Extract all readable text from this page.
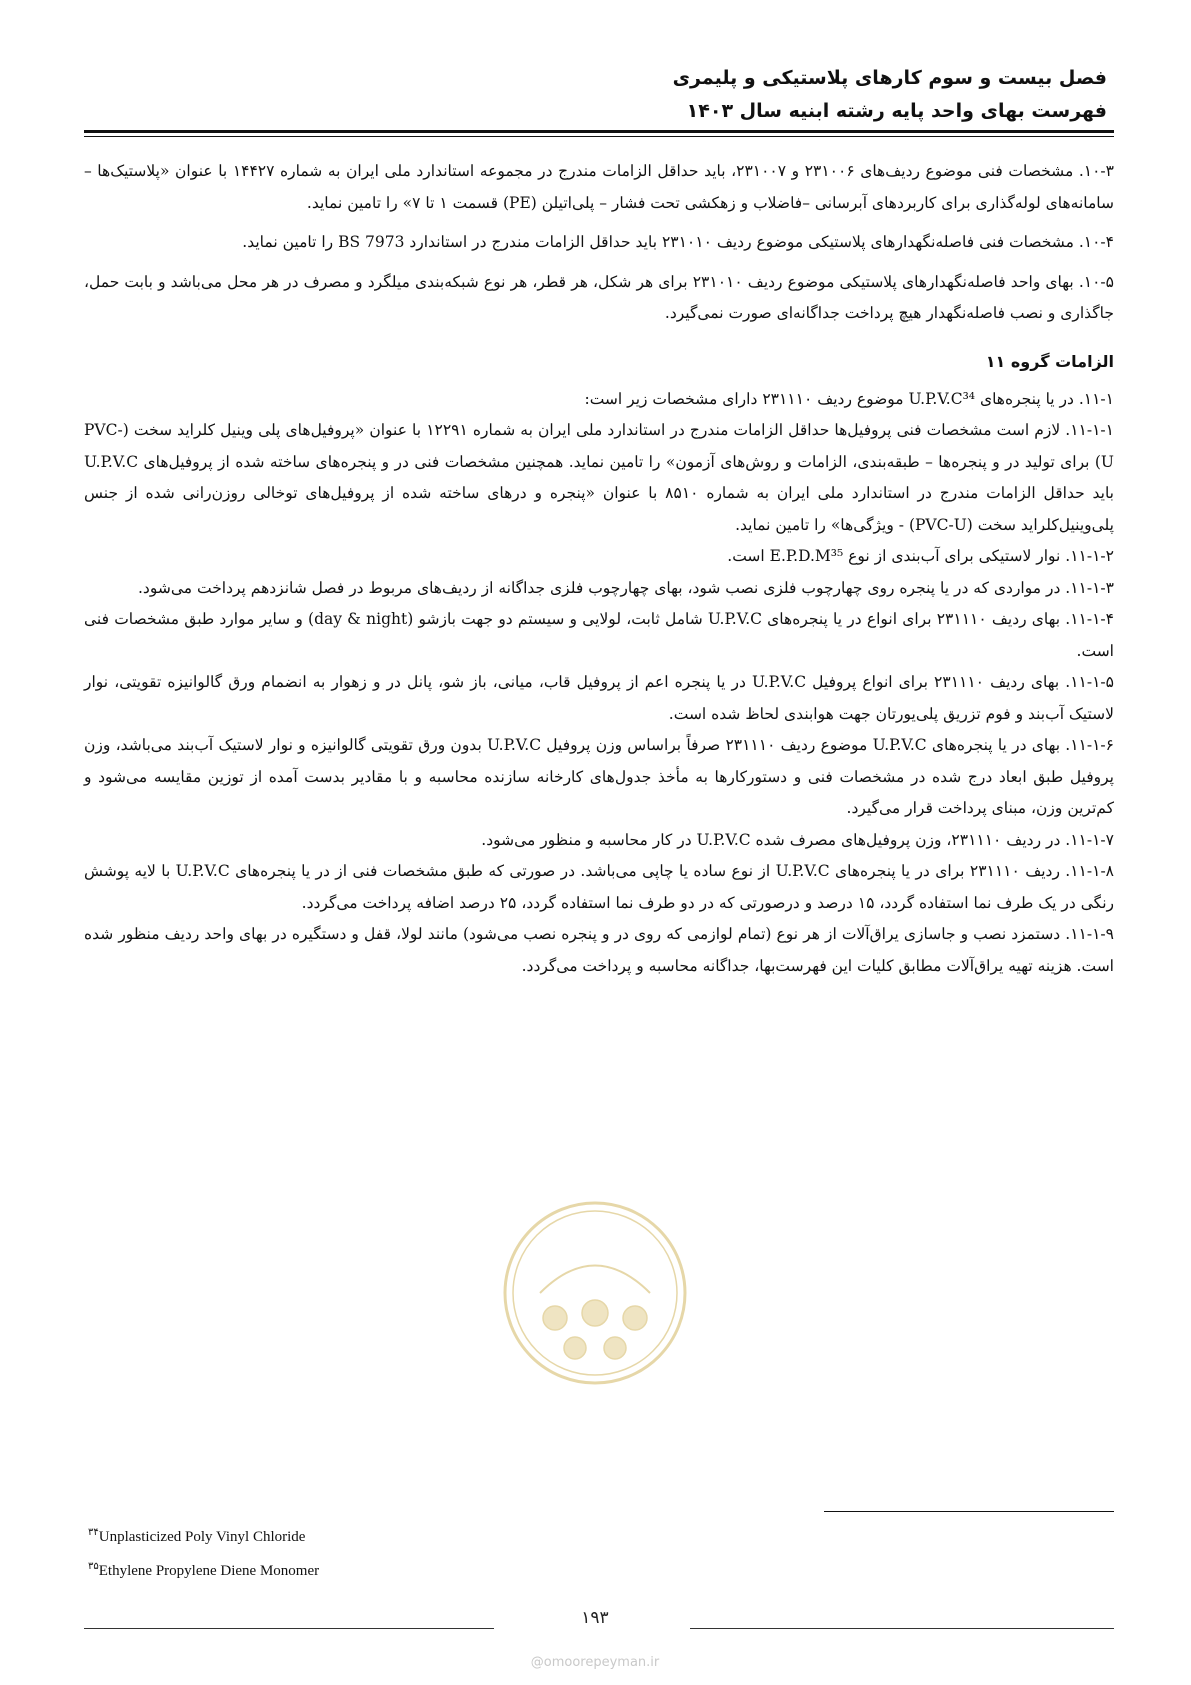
فصل بیست و سوم کارهای پلاستیکی و پلیمری
فهرست بهای واحد پایه رشته ابنیه سال ۱۴۰۳

۱۰-۳. مشخصات فنی موضوع ردیف‌های ۲۳۱۰۰۶ و ۲۳۱۰۰۷، باید حداقل الزامات مندرج در مجموعه استاندارد ملی ایران به شماره ۱۴۴۲۷ با عنوان «پلاستیک‌ها – سامانه‌های لوله‌گذاری برای کاربردهای آبرسانی –فاضلاب و زهکشی تحت فشار – پلی‌اتیلن (PE) قسمت ۱ تا ۷» را تامین نماید.

۱۰-۴. مشخصات فنی فاصله‌نگهدارهای پلاستیکی موضوع ردیف ۲۳۱۰۱۰ باید حداقل الزامات مندرج در استاندارد BS 7973 را تامین نماید.

۱۰-۵. بهای واحد فاصله‌نگهدارهای پلاستیکی موضوع ردیف ۲۳۱۰۱۰ برای هر شکل، هر قطر، هر نوع شبکه‌بندی میلگرد و مصرف در هر محل می‌باشد و بابت حمل، جاگذاری و نصب فاصله‌نگهدار هیچ پرداخت جداگانه‌ای صورت نمی‌گیرد.

الزامات گروه ۱۱

۱۱-۱. در یا پنجره‌های U.P.V.C³⁴ موضوع ردیف ۲۳۱۱۱۰ دارای مشخصات زیر است:

۱۱-۱-۱. لازم است مشخصات فنی پروفیل‌ها حداقل الزامات مندرج در استاندارد ملی ایران به شماره ۱۲۲۹۱ با عنوان «پروفیل‌های پلی وینیل کلراید سخت (PVC-U) برای تولید در و پنجره‌ها – طبقه‌بندی، الزامات و روش‌های آزمون» را تامین نماید. همچنین مشخصات فنی در و پنجره‌های ساخته شده از پروفیل‌های U.P.V.C باید حداقل الزامات مندرج در استاندارد ملی ایران به شماره ۸۵۱۰ با عنوان «پنجره و درهای ساخته شده از پروفیل‌های توخالی روزن‌رانی شده از جنس پلی‌وینیل‌کلراید سخت (PVC-U) - ویژگی‌ها» را تامین نماید.

۱۱-۱-۲. نوار لاستیکی برای آب‌بندی از نوع E.P.D.M³⁵ است.

۱۱-۱-۳. در مواردی که در یا پنجره روی چهارچوب فلزی نصب شود، بهای چهارچوب فلزی جداگانه از ردیف‌های مربوط در فصل شانزدهم پرداخت می‌شود.

۱۱-۱-۴. بهای ردیف ۲۳۱۱۱۰ برای انواع در یا پنجره‌های U.P.V.C شامل ثابت، لولایی و سیستم دو جهت بازشو (day & night) و سایر موارد طبق مشخصات فنی است.

۱۱-۱-۵. بهای ردیف ۲۳۱۱۱۰ برای انواع پروفیل U.P.V.C در یا پنجره اعم از پروفیل قاب، میانی، باز شو، پانل در و زهوار به انضمام ورق گالوانیزه تقویتی، نوار لاستیک آب‌بند و فوم تزریق پلی‌یورتان جهت هوابندی لحاظ شده است.

۱۱-۱-۶. بهای در یا پنجره‌های U.P.V.C موضوع ردیف ۲۳۱۱۱۰ صرفاً براساس وزن پروفیل U.P.V.C بدون ورق تقویتی گالوانیزه و نوار لاستیک آب‌بند می‌باشد، وزن پروفیل طبق ابعاد درج شده در مشخصات فنی و دستورکارها به مأخذ جدول‌های کارخانه سازنده محاسبه و با مقادیر بدست آمده از توزین مقایسه می‌شود و کم‌ترین وزن، مبنای پرداخت قرار می‌گیرد.

۱۱-۱-۷. در ردیف ۲۳۱۱۱۰، وزن پروفیل‌های مصرف شده U.P.V.C در کار محاسبه و منظور می‌شود.

۱۱-۱-۸. ردیف ۲۳۱۱۱۰ برای در یا پنجره‌های U.P.V.C از نوع ساده یا چاپی می‌باشد. در صورتی که طبق مشخصات فنی از در یا پنجره‌های U.P.V.C با لایه پوشش رنگی در یک طرف نما استفاده گردد، ۱۵ درصد و درصورتی که در دو طرف نما استفاده گردد، ۲۵ درصد اضافه پرداخت می‌گردد.

۱۱-۱-۹. دستمزد نصب و جاسازی یراق‌آلات از هر نوع (تمام لوازمی که روی در و پنجره نصب می‌شود) مانند لولا، قفل و دستگیره در بهای واحد ردیف منظور شده است. هزینه تهیه یراق‌آلات مطابق کلیات این فهرست‌بها، جداگانه محاسبه و پرداخت می‌گردد.

$^{۳۴}$Unplasticized Poly Vinyl Chloride
$^{۳۵}$Ethylene Propylene Diene Monomer
۱۹۳
@omoorepeyman.ir
